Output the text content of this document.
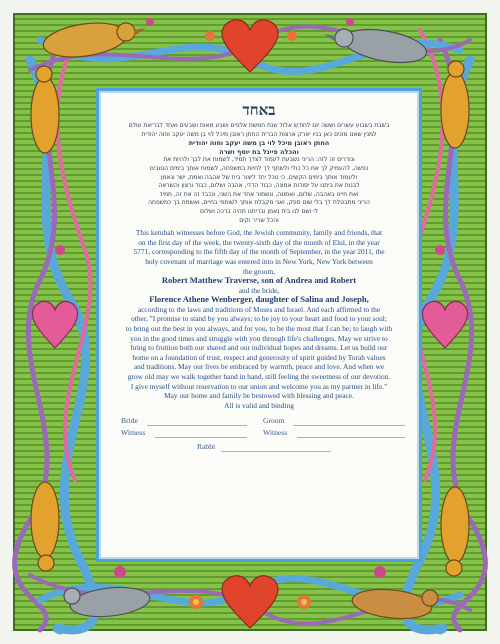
באחד

בשבת בשבוע עשרים וששה יום לחודש אלול שנת חמשת אלפים ושבע מאות ושבעים ואחד לבריאת עולם

למנין שאנו מונים כאן בניו יארק ארצות הברית החתן ראובן מיכל לוי בן משה יעקב וחוה יהודית

החתן ראובן מיכל לוי בן משה יעקב וחוה יהודית

והכלה פייגל בת יוסף ושרה

ונודרים זה לזה: הריני נשבעת לעמוד לצדך תמיד, לשמוח את לבך ולהיות את

נפשה, להעמיק לך את כל כולי ולשתף לך לחיות במשפחה, לשמוח אותך בימים הטובים

ולעמוד אותך בימים הקשים, כי נוכל יחד ליצור בית של אהבה ואמת, ישר ונאמן

לבנות את ביתנו על יסודות אמונה, כבוד הדדי, אהבה ושלום, כבוד ורצון והשראה

ואת חיינו באהבה, שלום, ואמונה, ונשמור אחד את השני, ונכבד זה את זה, תמיד

הריני מתבטלת לך בלי שום ספק, ואני מקבלת אותך לשותפי בחיים, ואשמח בך כמשפחה

לי ושם לנו בית נאמן ובריתנו תהיה ברכה ושלום

והכל שריר וקים

This ketubah witnesses before God, the Jewish community, family and friends, that

on the first day of the week, the twenty-sixth day of the month of Elul, in the year

5771, corresponding to the fifth day of the month of September, in the year 2011, the

holy covenant of marriage was entered into in New York, New York between

the groom,

Robert Matthew Traverse, son of Andrea and Robert

and the bride,

Florence Athene Wenberger, daughter of Salina and Joseph,

according to the laws and traditions of Moses and Israel. And each affirmed to the

other, "I promise to stand by you always; to be joy to your heart and food to your soul;

to bring out the best in you always, and for you, to be the most that I can be; to laugh with

you in the good times and struggle with you through life's challenges. May we strive to

bring to fruition both our shared and our individual hopes and dreams. Let us build our

home on a foundation of trust, respect and generosity of spirit guided by Torah values

and traditions. May our lives be embraced by warmth, peace and love. And when we

grow old may we walk together hand in hand, still feeling the sweetness of our devotion.

I give myself without reservation to our union and welcome you as my partner in life."

May our home and family be bestowed with blessing and peace.

All is valid and binding

Bride	Groom
Witness	Witness
Rabbi
